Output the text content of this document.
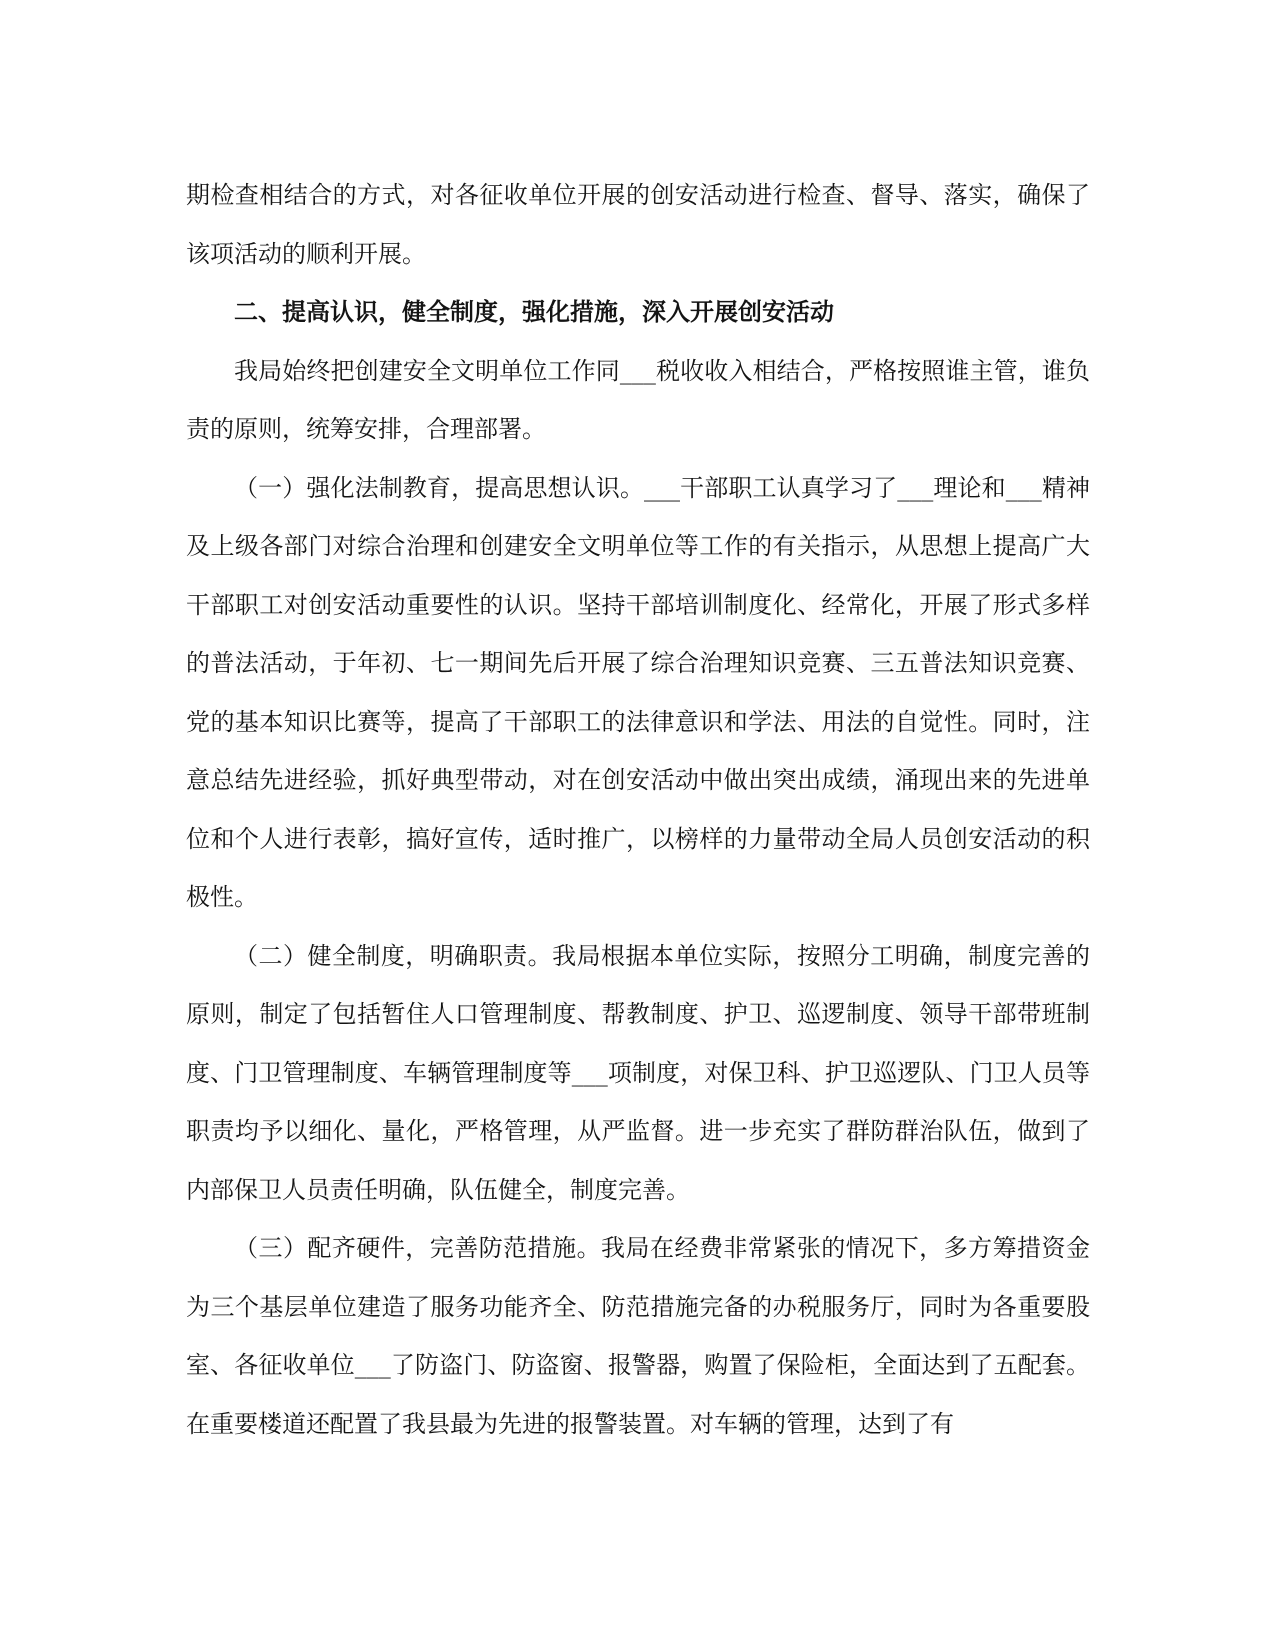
期检查相结合的方式，对各征收单位开展的创安活动进行检查、督导、落实，确保了该项活动的顺利开展。

二、提高认识，健全制度，强化措施，深入开展创安活动

我局始终把创建安全文明单位工作同___税收收入相结合，严格按照谁主管，谁负责的原则，统筹安排，合理部署。

（一）强化法制教育，提高思想认识。___干部职工认真学习了___理论和___精神及上级各部门对综合治理和创建安全文明单位等工作的有关指示，从思想上提高广大干部职工对创安活动重要性的认识。坚持干部培训制度化、经常化，开展了形式多样的普法活动，于年初、七一期间先后开展了综合治理知识竞赛、三五普法知识竞赛、党的基本知识比赛等，提高了干部职工的法律意识和学法、用法的自觉性。同时，注意总结先进经验，抓好典型带动，对在创安活动中做出突出成绩，涌现出来的先进单位和个人进行表彰，搞好宣传，适时推广，以榜样的力量带动全局人员创安活动的积极性。

（二）健全制度，明确职责。我局根据本单位实际，按照分工明确，制度完善的原则，制定了包括暂住人口管理制度、帮教制度、护卫、巡逻制度、领导干部带班制度、门卫管理制度、车辆管理制度等___项制度，对保卫科、护卫巡逻队、门卫人员等职责均予以细化、量化，严格管理，从严监督。进一步充实了群防群治队伍，做到了内部保卫人员责任明确，队伍健全，制度完善。

（三）配齐硬件，完善防范措施。我局在经费非常紧张的情况下，多方筹措资金为三个基层单位建造了服务功能齐全、防范措施完备的办税服务厅，同时为各重要股室、各征收单位___了防盗门、防盗窗、报警器，购置了保险柜，全面达到了五配套。在重要楼道还配置了我县最为先进的报警装置。对车辆的管理，达到了有
